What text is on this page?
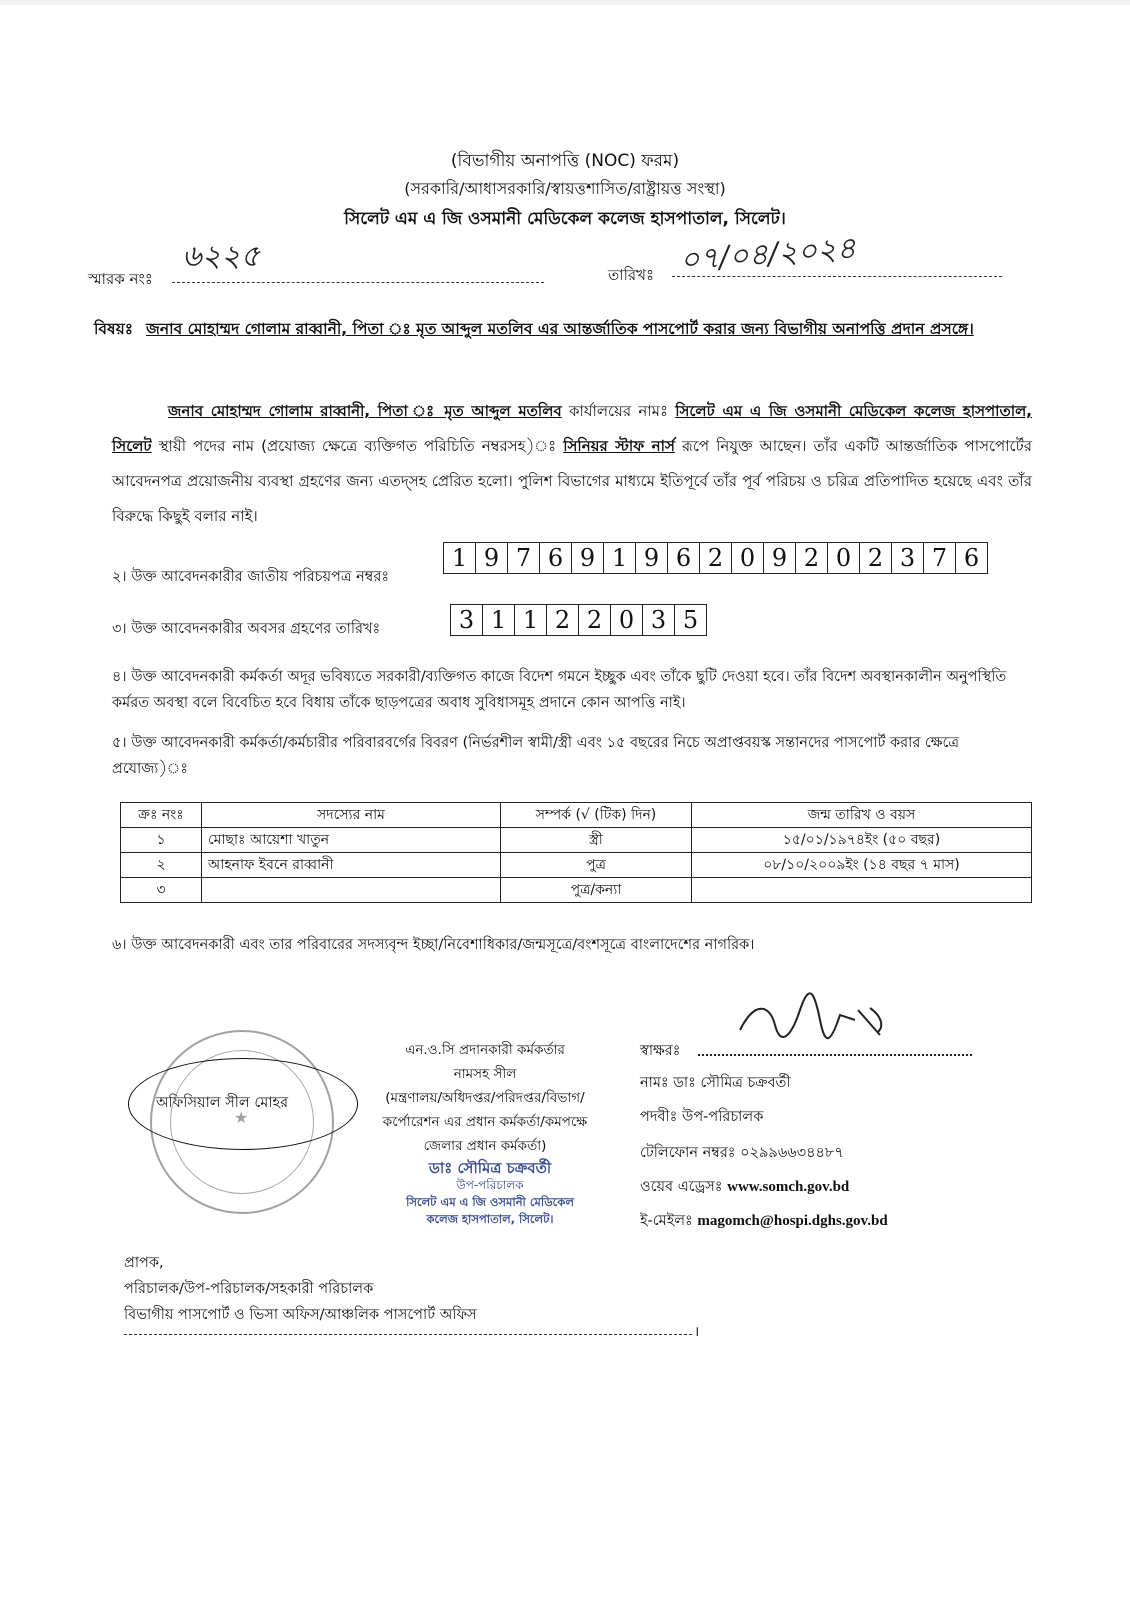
(বিভাগীয় অনাপত্তি (NOC) ফরম)
(সরকারি/আধাসরকারি/স্বায়ত্তশাসিত/রাষ্ট্রায়ত্ত সংস্থা)
সিলেট এম এ জি ওসমানী মেডিকেল কলেজ হাসপাতাল, সিলেট।
স্মারক নংঃ
৬২২৫
তারিখঃ ০৭/০৪/২০২৪
বিষয়ঃ জনাব মোহাম্মদ গোলাম রাব্বানী, পিতা ঃ মৃত আব্দুল মতলিব এর আন্তর্জাতিক পাসপোর্ট করার জন্য বিভাগীয় অনাপত্তি প্রদান প্রসঙ্গে।
জনাব মোহাম্মদ গোলাম রাব্বানী, পিতা ঃ মৃত আব্দুল মতলিব কার্যালয়ের নামঃ সিলেট এম এ জি ওসমানী মেডিকেল কলেজ হাসপাতাল, সিলেট স্থায়ী পদের নাম (প্রযোজ্য ক্ষেত্রে ব্যক্তিগত পরিচিতি নম্বরসহ)ঃ সিনিয়র স্টাফ নার্স রূপে নিযুক্ত আছেন। তাঁর একটি আন্তর্জাতিক পাসপোর্টের আবেদনপত্র প্রয়োজনীয় ব্যবস্থা গ্রহণের জন্য এতদ্সহ প্রেরিত হলো। পুলিশ বিভাগের মাধ্যমে ইতিপূর্বে তাঁর পূর্ব পরিচয় ও চরিত্র প্রতিপাদিত হয়েছে এবং তাঁর বিরুদ্ধে কিছুই বলার নাই।
২। উক্ত আবেদনকারীর জাতীয় পরিচয়পত্র নম্বরঃ
1 9 7 6 9 1 9 6 2 0 9 2 0 2 3 7 6
৩। উক্ত আবেদনকারীর অবসর গ্রহণের তারিখঃ	3 1 1 2 2 0 3 5
৪। উক্ত আবেদনকারী কর্মকর্তা অদূর ভবিষ্যতে সরকারী/ব্যক্তিগত কাজে বিদেশ গমনে ইচ্ছুক এবং তাঁকে ছুটি দেওয়া হবে। তাঁর বিদেশ অবস্থানকালীন অনুপস্থিতি কর্মরত অবস্থা বলে বিবেচিত হবে বিধায় তাঁকে ছাড়পত্রের অবাধ সুবিধাসমূহ প্রদানে কোন আপত্তি নাই।
৫। উক্ত আবেদনকারী কর্মকর্তা/কর্মচারীর পরিবারবর্গের বিবরণ (নির্ভরশীল স্বামী/স্ত্রী এবং ১৫ বছরের নিচে অপ্রাপ্তবয়স্ক সন্তানদের পাসপোর্ট করার ক্ষেত্রে প্রযোজ্য)ঃ
ক্রঃ নংঃ	সদস্যের নাম	সম্পর্ক (√ (টিক) দিন)	জন্ম তারিখ ও বয়স
১	মোছাঃ আয়েশা খাতুন	স্ত্রী	১৫/০১/১৯৭৪ইং (৫০ বছর)
২	আহনাফ ইবনে রাব্বানী	পুত্র	০৮/১০/২০০৯ইং (১৪ বছর ৭ মাস)
৩		পুত্র/কন্যা	
৬। উক্ত আবেদনকারী এবং তার পরিবারের সদস্যবৃন্দ ইচ্ছা/নিবেশাধিকার/জন্মসূত্রে/বংশসূত্রে বাংলাদেশের নাগরিক।
★
অফিসিয়াল সীল মোহর
এন.ও.সি প্রদানকারী কর্মকর্তার
নামসহ সীল
(মন্ত্রণালয়/অধিদপ্তর/পরিদপ্তর/বিভাগ/
কর্পোরেশন এর প্রধান কর্মকর্তা/কমপক্ষে
জেলার প্রধান কর্মকর্তা)
ডাঃ সৌমিত্র চক্রবর্তী
উপ-পরিচালক
সিলেট এম এ জি ওসমানী মেডিকেল
কলেজ হাসপাতাল, সিলেট।
স্বাক্ষরঃ
নামঃ ডাঃ সৌমিত্র চক্রবর্তী
পদবীঃ উপ-পরিচালক
টেলিফোন নম্বরঃ ০২৯৯৬৬৩৪৪৮৭
ওয়েব এড্রেসঃ www.somch.gov.bd
ই-মেইলঃ magomch@hospi.dghs.gov.bd
প্রাপক,
পরিচালক/উপ-পরিচালক/সহকারী পরিচালক
বিভাগীয় পাসপোর্ট ও ভিসা অফিস/আঞ্চলিক পাসপোর্ট অফিস
।
